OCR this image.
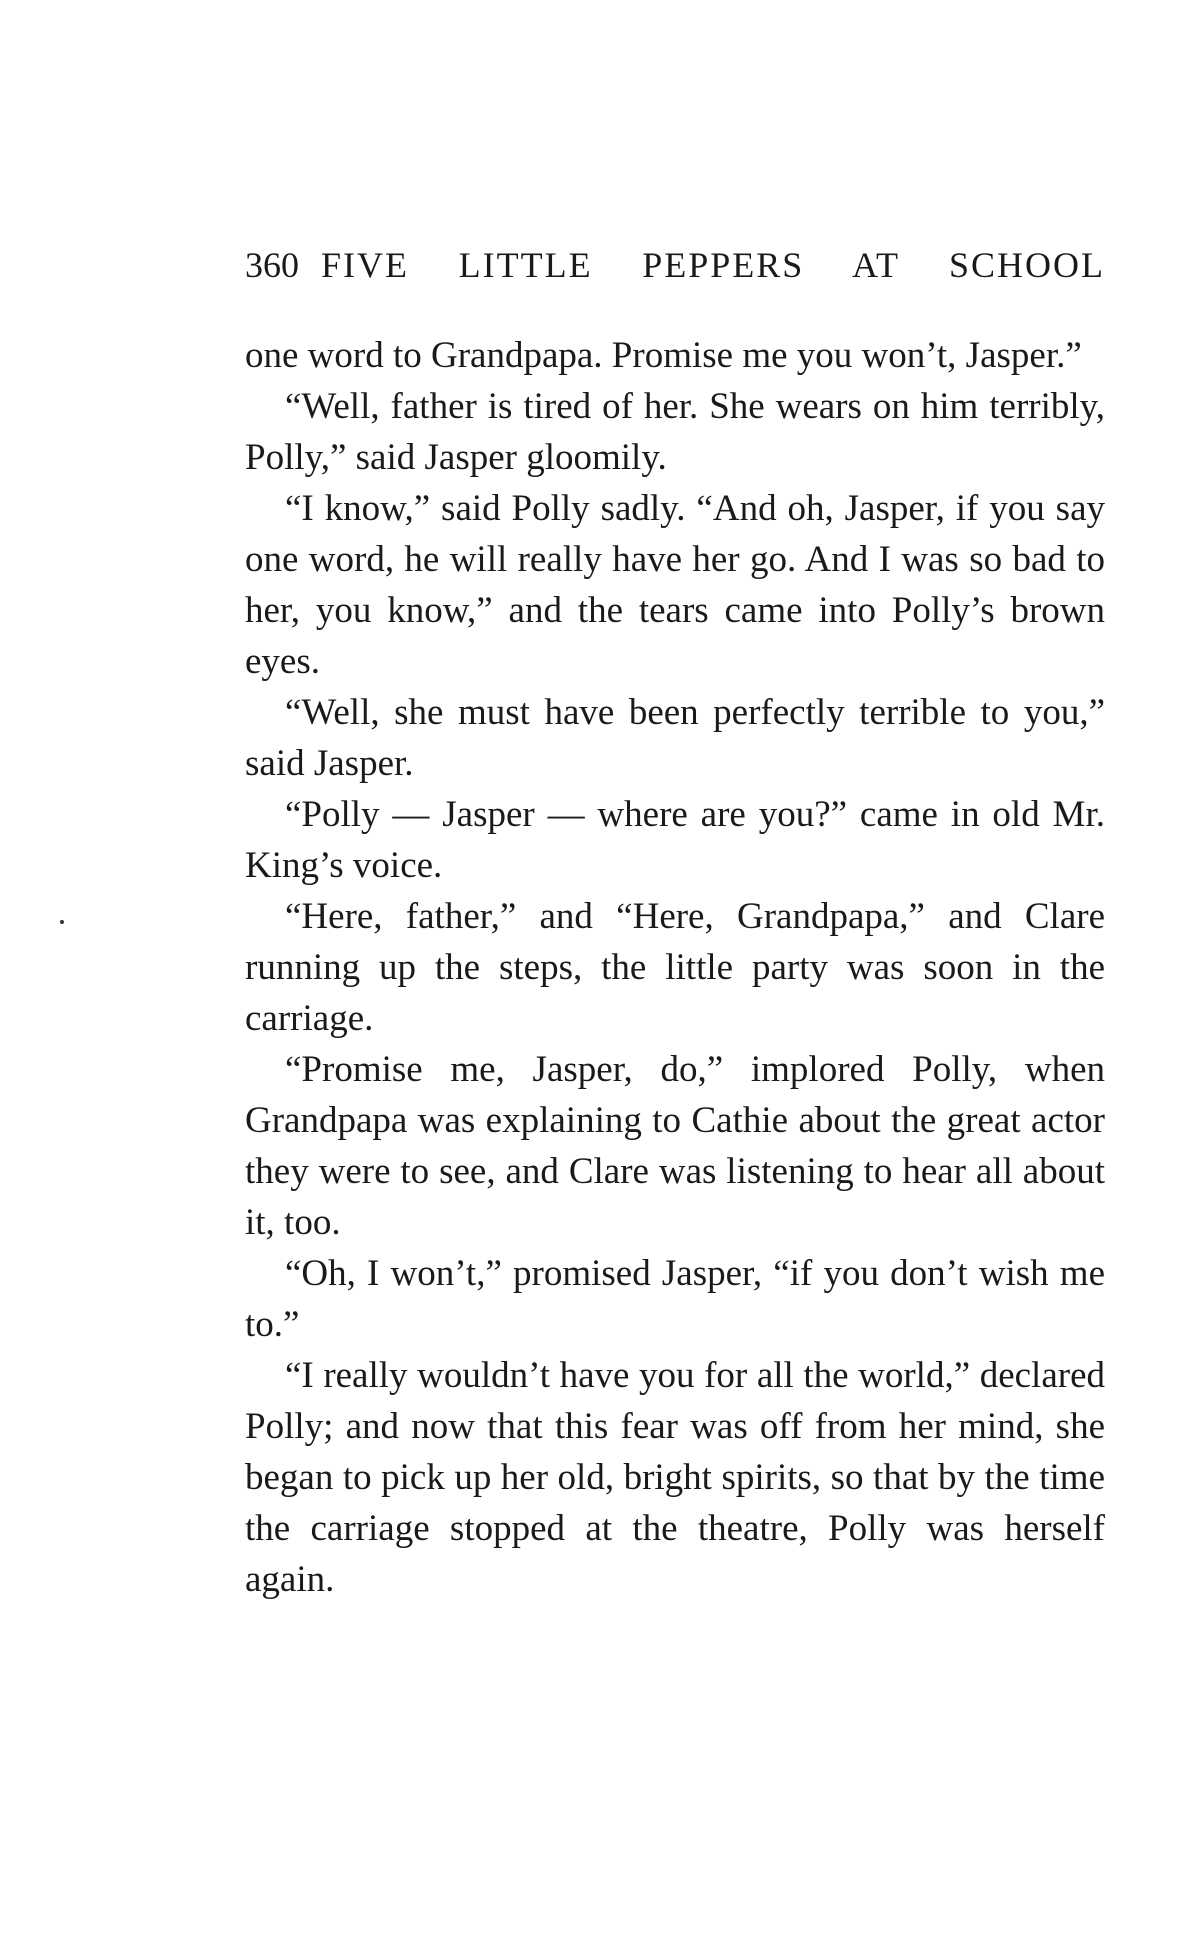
360 FIVE LITTLE PEPPERS AT SCHOOL

one word to Grandpapa. Promise me you won’t, Jasper.”

“Well, father is tired of her. She wears on him terribly, Polly,” said Jasper gloomily.

“I know,” said Polly sadly. “And oh, Jasper, if you say one word, he will really have her go. And I was so bad to her, you know,” and the tears came into Polly’s brown eyes.

“Well, she must have been perfectly terrible to you,” said Jasper.

“Polly — Jasper — where are you?” came in old Mr. King’s voice.

“Here, father,” and “Here, Grandpapa,” and Clare running up the steps, the little party was soon in the carriage.

“Promise me, Jasper, do,” implored Polly, when Grandpapa was explaining to Cathie about the great actor they were to see, and Clare was listening to hear all about it, too.

“Oh, I won’t,” promised Jasper, “if you don’t wish me to.”

“I really wouldn’t have you for all the world,” declared Polly; and now that this fear was off from her mind, she began to pick up her old, bright spirits, so that by the time the carriage stopped at the theatre, Polly was herself again.
